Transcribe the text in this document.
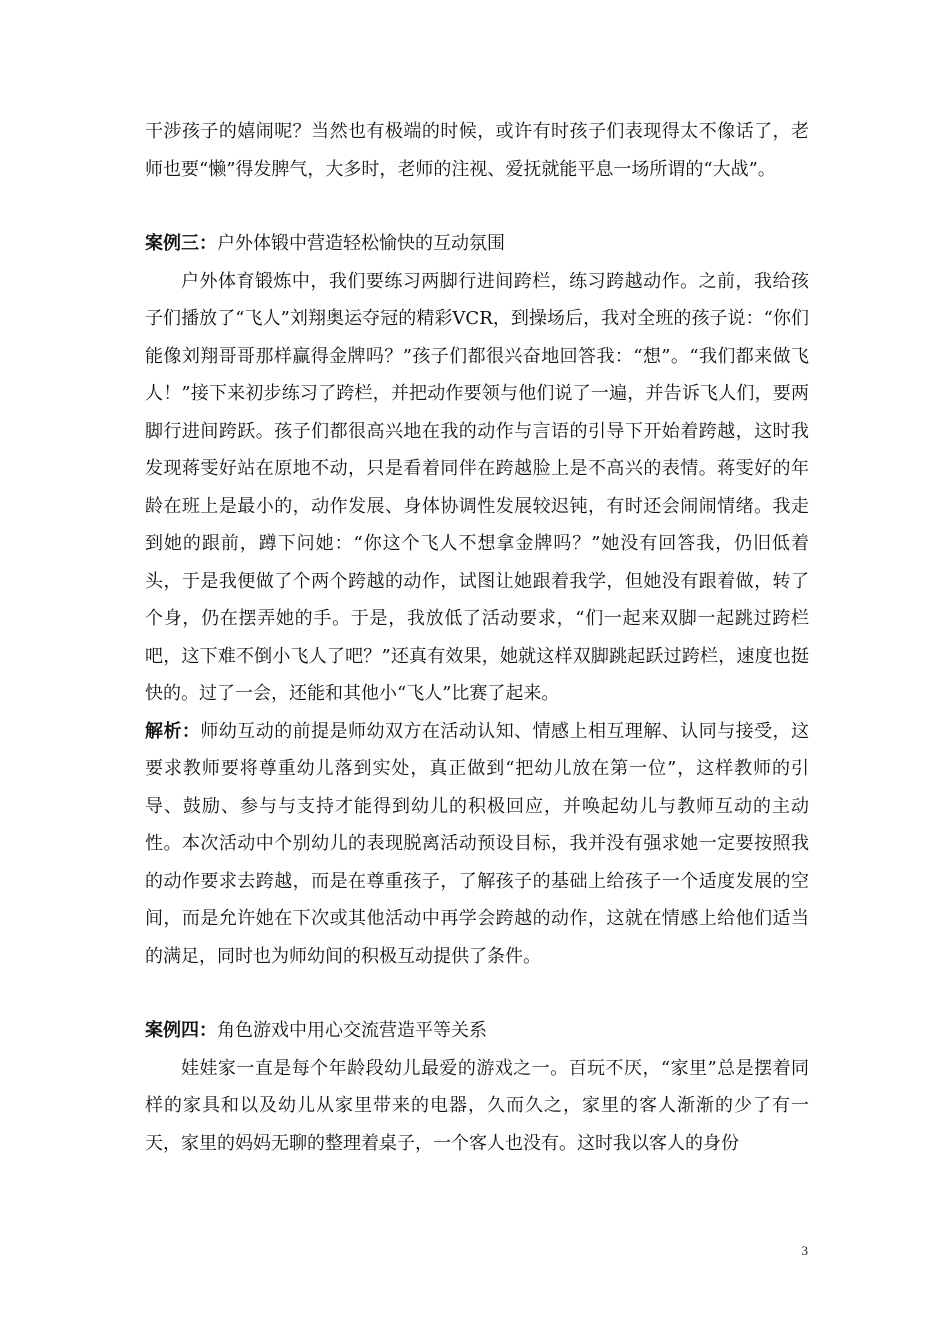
干涉孩子的嬉闹呢？当然也有极端的时候，或许有时孩子们表现得太不像话了，老师也要“懒”得发脾气，大多时，老师的注视、爱抚就能平息一场所谓的“大战”。

案例三：户外体锻中营造轻松愉快的互动氛围

户外体育锻炼中，我们要练习两脚行进间跨栏，练习跨越动作。之前，我给孩子们播放了“飞人”刘翔奥运夺冠的精彩VCR，到操场后，我对全班的孩子说：“你们能像刘翔哥哥那样赢得金牌吗？”孩子们都很兴奋地回答我：“想”。“我们都来做飞人！”接下来初步练习了跨栏，并把动作要领与他们说了一遍，并告诉飞人们，要两脚行进间跨跃。孩子们都很高兴地在我的动作与言语的引导下开始着跨越，这时我发现蒋雯好站在原地不动，只是看着同伴在跨越脸上是不高兴的表情。蒋雯好的年龄在班上是最小的，动作发展、身体协调性发展较迟钝，有时还会闹闹情绪。我走到她的跟前，蹲下问她：“你这个飞人不想拿金牌吗？”她没有回答我，仍旧低着头，于是我便做了个两个跨越的动作，试图让她跟着我学，但她没有跟着做，转了个身，仍在摆弄她的手。于是，我放低了活动要求，“们一起来双脚一起跳过跨栏吧，这下难不倒小飞人了吧？”还真有效果，她就这样双脚跳起跃过跨栏，速度也挺快的。过了一会，还能和其他小“飞人”比赛了起来。

解析：师幼互动的前提是师幼双方在活动认知、情感上相互理解、认同与接受，这要求教师要将尊重幼儿落到实处，真正做到“把幼儿放在第一位”，这样教师的引导、鼓励、参与与支持才能得到幼儿的积极回应，并唤起幼儿与教师互动的主动性。本次活动中个别幼儿的表现脱离活动预设目标，我并没有强求她一定要按照我的动作要求去跨越，而是在尊重孩子，了解孩子的基础上给孩子一个适度发展的空间，而是允许她在下次或其他活动中再学会跨越的动作，这就在情感上给他们适当的满足，同时也为师幼间的积极互动提供了条件。

案例四：角色游戏中用心交流营造平等关系

娃娃家一直是每个年龄段幼儿最爱的游戏之一。百玩不厌，“家里”总是摆着同样的家具和以及幼儿从家里带来的电器，久而久之，家里的客人渐渐的少了有一天，家里的妈妈无聊的整理着桌子，一个客人也没有。这时我以客人的身份

3
